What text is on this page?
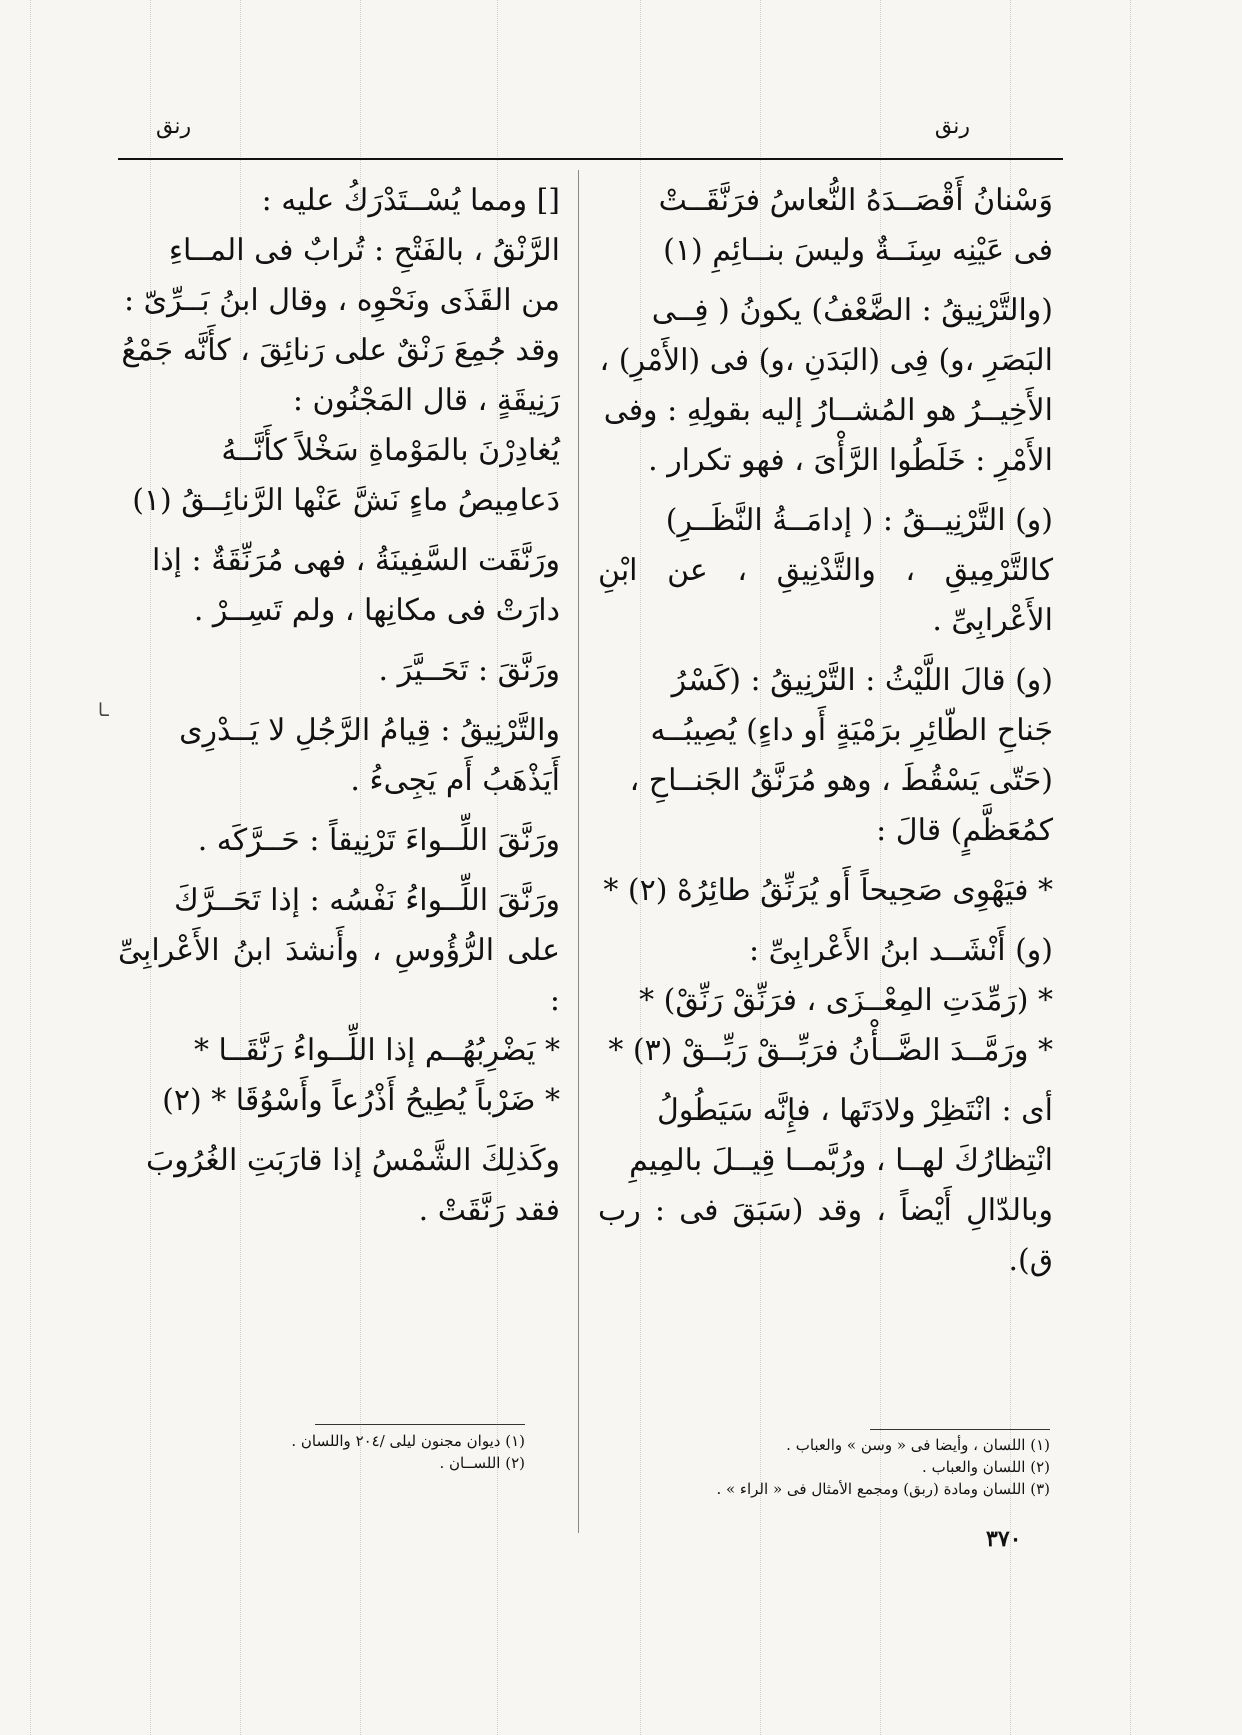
رنق
رنق

وَسْنانُ أَقْصَــدَهُ النُّعاسُ فرَنَّقَــتْ

فى عَيْنِه سِنَــةٌ وليسَ بنــائِمِ (١)

(والتَّرْنِيقُ : الضَّعْفُ) يكونُ ( فِــى

البَصَرِ ،و) فِى (البَدَنِ ،و) فى (الأَمْرِ) ،

الأَخِيــرُ هو المُشــارُ إليه بقولِهِ : وفى

الأَمْرِ : خَلَطُوا الرَّأْىَ ، فهو تكرار .

(و) التَّرْنِيــقُ : ( إدامَــةُ النَّظَــرِ)

كالتَّرْمِيقِ ، والتَّدْنِيقِ ، عن ابْنِ الأَعْرابِىِّ .

(و) قالَ اللَّيْثُ : التَّرْنِيقُ : (كَسْرُ

جَناحِ الطّائِرِ برَمْيَةٍ أَو داءٍ) يُصِيبُــه

(حَتّى يَسْقُطَ ، وهو مُرَنَّقُ الجَنــاحِ ،

كمُعَظَّمٍ) قالَ :

* فيَهْوِى صَحِيحاً أَو يُرَنِّقُ طائِرُهْ (٢) *

(و) أَنْشَــد ابنُ الأَعْرابِىِّ :

* (رَمِّدَتِ المِعْــزَى ، فرَنِّقْ رَنِّقْ) *

* ورَمَّــدَ الضَّــأْنُ فرَبِّــقْ رَبِّــقْ (٣) *

أى : انْتَظِرْ ولادَتَها ، فإِنَّه سَيَطُولُ

انْتِظارُكَ لهــا ، ورُبَّمــا قِيــلَ بالمِيمِ

وبالدّالِ أَيْضاً ، وقد (سَبَقَ فى : رب ق).

[] ومما يُسْــتَدْرَكُ عليه :

الرَّنْقُ ، بالفَتْحِ : تُرابٌ فى المــاءِ

من القَذَى ونَحْوِه ، وقال ابنُ بَــرِّىّ :

وقد جُمِعَ رَنْقٌ على رَنائِقَ ، كأَنَّه جَمْعُ

رَنِيقَةٍ ، قال المَجْنُون :

يُغادِرْنَ بالمَوْماةِ سَخْلاً كأَنَّــهُ

دَعامِيصُ ماءٍ نَشَّ عَنْها الرَّنائِــقُ (١)

ورَنَّقَت السَّفِينَةُ ، فهى مُرَنِّقَةٌ : إذا

دارَتْ فى مكانِها ، ولم تَسِــرْ .

ورَنَّقَ : تَحَــيَّرَ .

والتَّرْنِيقُ : قِيامُ الرَّجُلِ لا يَــدْرِى

أَيَذْهَبُ أَم يَجِىءُ .

ورَنَّقَ اللِّــواءَ تَرْنِيقاً : حَــرَّكَه .

ورَنَّقَ اللِّــواءُ نَفْسُه : إذا تَحَــرَّكَ

على الرُّؤُوسِ ، وأَنشدَ ابنُ الأَعْرابِىِّ :

* يَضْرِبُهُــم إذا اللِّــواءُ رَنَّقَــا *

* ضَرْباً يُطِيحُ أَذْرُعاً وأَسْوُقَا * (٢)

وكَذلِكَ الشَّمْسُ إذا قارَبَتِ الغُرُوبَ

فقد رَنَّقَتْ .

ـا
(١) اللسان ، وأيضا فى « وسن » والعباب .
(٢) اللسان والعباب .
(٣) اللسان ومادة (ربق) ومجمع الأمثال فى « الراء » .
(١) ديوان مجنون ليلى /٢٠٤ واللسان .
(٢) اللســان .
٣٧٠
